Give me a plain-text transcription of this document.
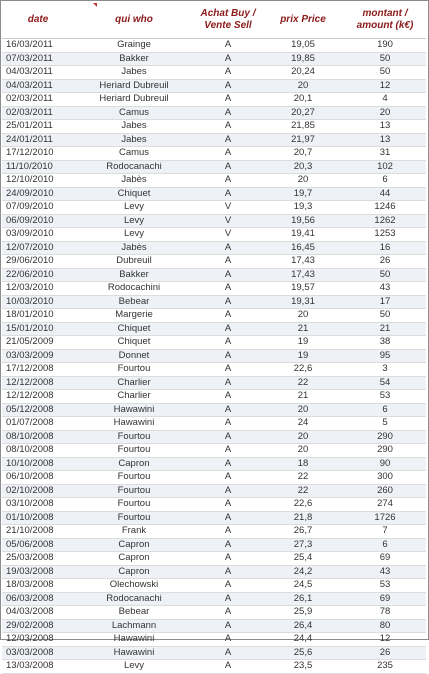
date	qui who	Achat Buy / Vente Sell	prix Price	montant / amount (k€)
16/03/2011	Grainge	A	19,05	190
07/03/2011	Bakker	A	19,85	50
04/03/2011	Jabes	A	20,24	50
04/03/2011	Heriard Dubreuil	A	20	12
02/03/2011	Heriard Dubreuil	A	20,1	4
02/03/2011	Camus	A	20,27	20
25/01/2011	Jabes	A	21,85	13
24/01/2011	Jabes	A	21,97	13
17/12/2010	Camus	A	20,7	31
11/10/2010	Rodocanachi	A	20,3	102
12/10/2010	Jabès	A	20	6
24/09/2010	Chiquet	A	19,7	44
07/09/2010	Levy	V	19,3	1246
06/09/2010	Levy	V	19,56	1262
03/09/2010	Levy	V	19,41	1253
12/07/2010	Jabès	A	16,45	16
29/06/2010	Dubreuil	A	17,43	26
22/06/2010	Bakker	A	17,43	50
12/03/2010	Rodocachini	A	19,57	43
10/03/2010	Bebear	A	19,31	17
18/01/2010	Margerie	A	20	50
15/01/2010	Chiquet	A	21	21
21/05/2009	Chiquet	A	19	38
03/03/2009	Donnet	A	19	95
17/12/2008	Fourtou	A	22,6	3
12/12/2008	Charlier	A	22	54
12/12/2008	Charlier	A	21	53
05/12/2008	Hawawini	A	20	6
01/07/2008	Hawawini	A	24	5
08/10/2008	Fourtou	A	20	290
08/10/2008	Fourtou	A	20	290
10/10/2008	Capron	A	18	90
06/10/2008	Fourtou	A	22	300
02/10/2008	Fourtou	A	22	260
03/10/2008	Fourtou	A	22,6	274
01/10/2008	Fourtou	A	21,8	1726
21/10/2008	Frank	A	26,7	7
05/06/2008	Capron	A	27,3	6
25/03/2008	Capron	A	25,4	69
19/03/2008	Capron	A	24,2	43
18/03/2008	Olechowski	A	24,5	53
06/03/2008	Rodocanachi	A	26,1	69
04/03/2008	Bebear	A	25,9	78
29/02/2008	Lachmann	A	26,4	80
12/03/2008	Hawawini	A	24,4	12
03/03/2008	Hawawini	A	25,6	26
13/03/2008	Levy	A	23,5	235
